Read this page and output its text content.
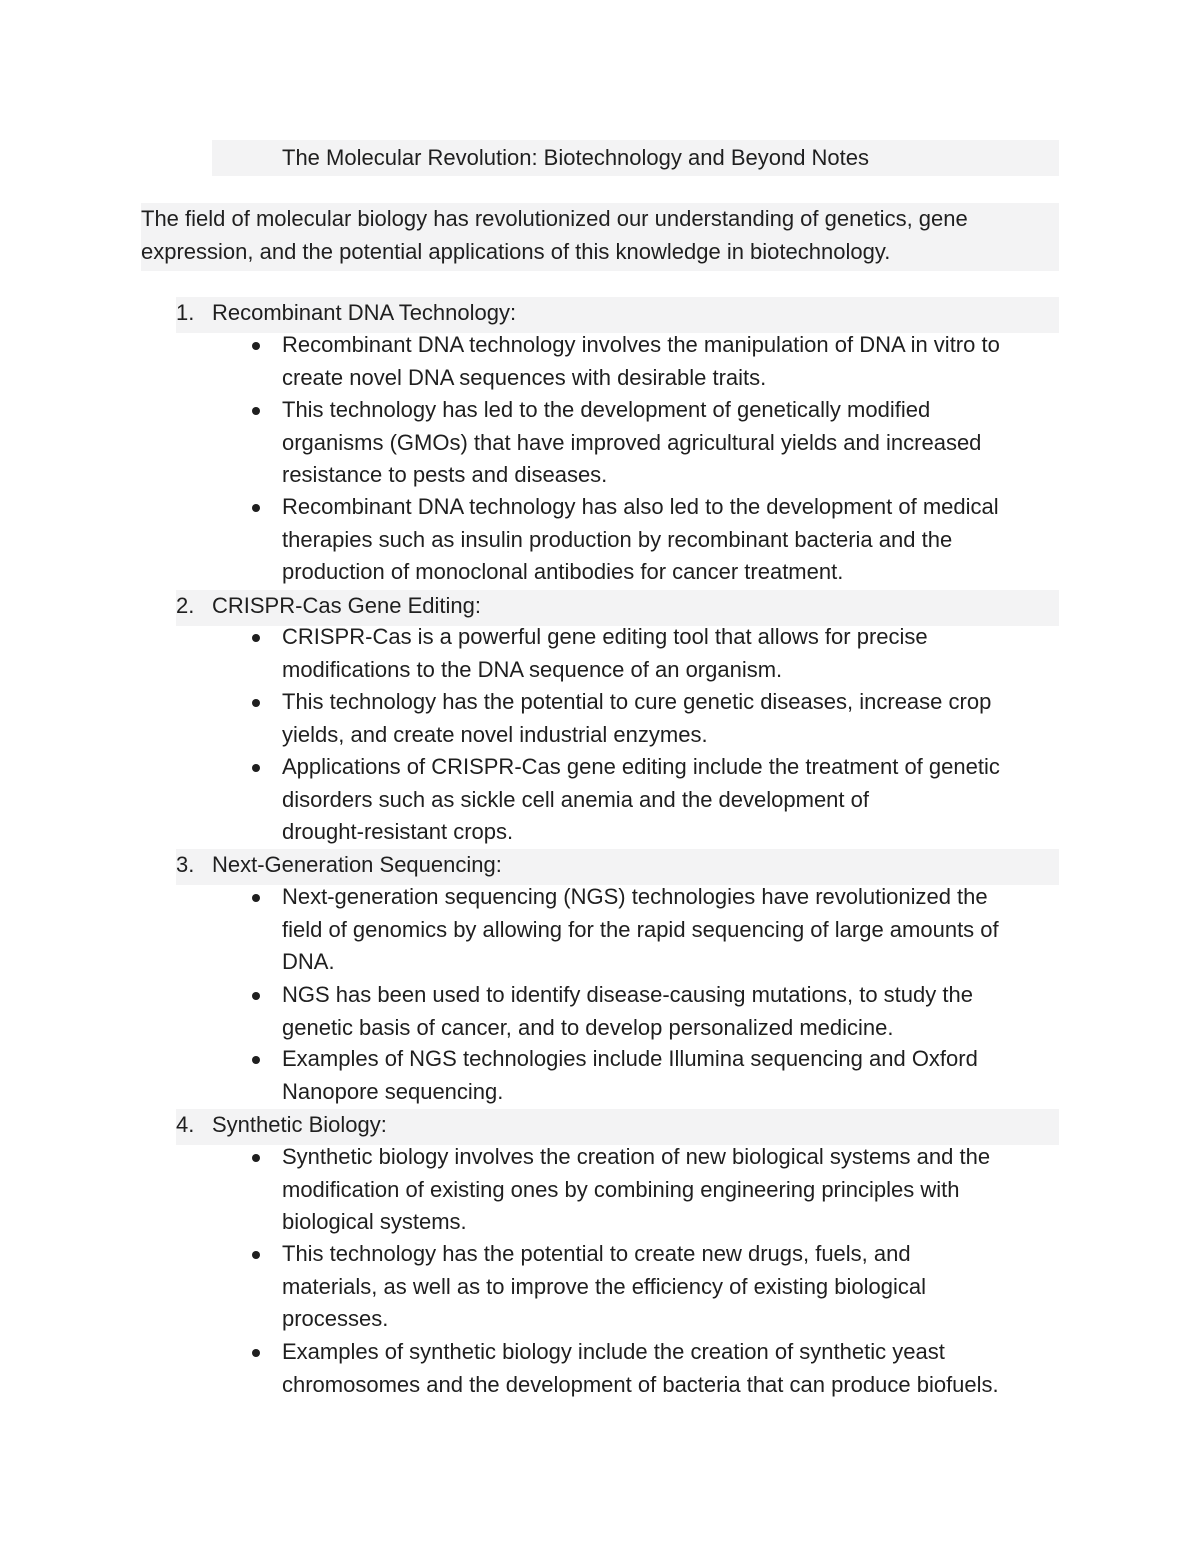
The Molecular Revolution: Biotechnology and Beyond Notes
The field of molecular biology has revolutionized our understanding of genetics, gene
expression, and the potential applications of this knowledge in biotechnology.
1. Recombinant DNA Technology:
Recombinant DNA technology involves the manipulation of DNA in vitro to
create novel DNA sequences with desirable traits.
This technology has led to the development of genetically modified
organisms (GMOs) that have improved agricultural yields and increased
resistance to pests and diseases.
Recombinant DNA technology has also led to the development of medical
therapies such as insulin production by recombinant bacteria and the
production of monoclonal antibodies for cancer treatment.
2. CRISPR-Cas Gene Editing:
CRISPR-Cas is a powerful gene editing tool that allows for precise
modifications to the DNA sequence of an organism.
This technology has the potential to cure genetic diseases, increase crop
yields, and create novel industrial enzymes.
Applications of CRISPR-Cas gene editing include the treatment of genetic
disorders such as sickle cell anemia and the development of
drought-resistant crops.
3. Next-Generation Sequencing:
Next-generation sequencing (NGS) technologies have revolutionized the
field of genomics by allowing for the rapid sequencing of large amounts of
DNA.
NGS has been used to identify disease-causing mutations, to study the
genetic basis of cancer, and to develop personalized medicine.
Examples of NGS technologies include Illumina sequencing and Oxford
Nanopore sequencing.
4. Synthetic Biology:
Synthetic biology involves the creation of new biological systems and the
modification of existing ones by combining engineering principles with
biological systems.
This technology has the potential to create new drugs, fuels, and
materials, as well as to improve the efficiency of existing biological
processes.
Examples of synthetic biology include the creation of synthetic yeast
chromosomes and the development of bacteria that can produce biofuels.
